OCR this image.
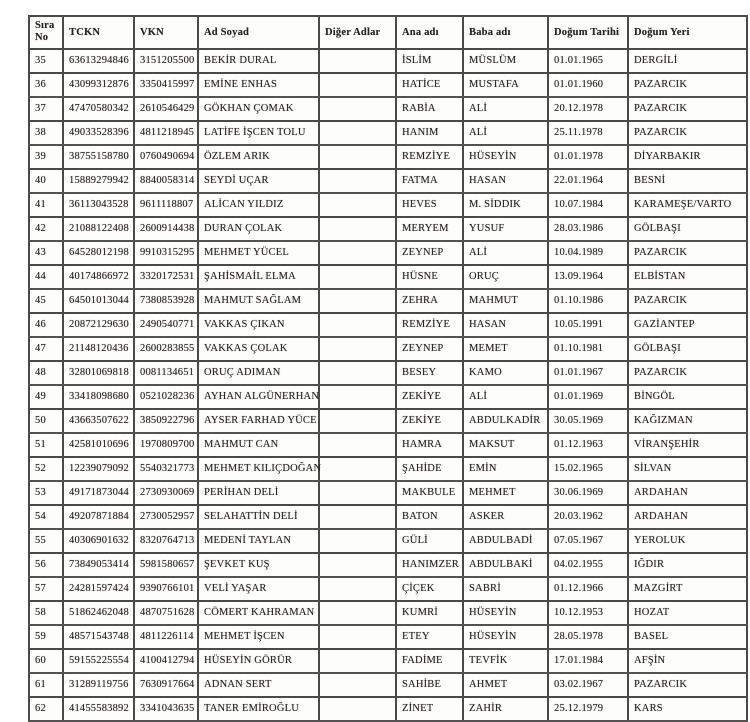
Sıra No	TCKN	VKN	Ad Soyad	Diğer Adlar	Ana adı	Baba adı	Doğum Tarihi	Doğum Yeri
35	63613294846	3151205500	BEKİR DURAL		İSLİM	MÜSLÜM	01.01.1965	DERGİLİ
36	43099312876	3350415997	EMİNE ENHAS		HATİCE	MUSTAFA	01.01.1960	PAZARCIK
37	47470580342	2610546429	GÖKHAN ÇOMAK		RABİA	ALİ	20.12.1978	PAZARCIK
38	49033528396	4811218945	LATİFE İŞCEN TOLU		HANIM	ALİ	25.11.1978	PAZARCIK
39	38755158780	0760490694	ÖZLEM ARIK		REMZİYE	HÜSEYİN	01.01.1978	DİYARBAKIR
40	15889279942	8840058314	SEYDİ UÇAR		FATMA	HASAN	22.01.1964	BESNİ
41	36113043528	9611118807	ALİCAN YILDIZ		HEVES	M. SİDDIK	10.07.1984	KARAMEŞE/VARTO
42	21088122408	2600914438	DURAN ÇOLAK		MERYEM	YUSUF	28.03.1986	GÖLBAŞI
43	64528012198	9910315295	MEHMET YÜCEL		ZEYNEP	ALİ	10.04.1989	PAZARCIK
44	40174866972	3320172531	ŞAHİSMAİL ELMA		HÜSNE	ORUÇ	13.09.1964	ELBİSTAN
45	64501013044	7380853928	MAHMUT SAĞLAM		ZEHRA	MAHMUT	01.10.1986	PAZARCIK
46	20872129630	2490540771	VAKKAS ÇIKAN		REMZİYE	HASAN	10.05.1991	GAZİANTEP
47	21148120436	2600283855	VAKKAS ÇOLAK		ZEYNEP	MEMET	01.10.1981	GÖLBAŞI
48	32801069818	0081134651	ORUÇ ADIMAN		BESEY	KAMO	01.01.1967	PAZARCIK
49	33418098680	0521028236	AYHAN ALGÜNERHAN		ZEKİYE	ALİ	01.01.1969	BİNGÖL
50	43663507622	3850922796	AYSER FARHAD YÜCE		ZEKİYE	ABDULKADİR	30.05.1969	KAĞIZMAN
51	42581010696	1970809700	MAHMUT CAN		HAMRA	MAKSUT	01.12.1963	VİRANŞEHİR
52	12239079092	5540321773	MEHMET KILIÇDOĞAN		ŞAHİDE	EMİN	15.02.1965	SİLVAN
53	49171873044	2730930069	PERİHAN DELİ		MAKBULE	MEHMET	30.06.1969	ARDAHAN
54	49207871884	2730052957	SELAHATTİN DELİ		BATON	ASKER	20.03.1962	ARDAHAN
55	40306901632	8320764713	MEDENİ TAYLAN		GÜLİ	ABDULBADİ	07.05.1967	YEROLUK
56	73849053414	5981580657	ŞEVKET KUŞ		HANIMZER	ABDULBAKİ	04.02.1955	IĞDIR
57	24281597424	9390766101	VELİ YAŞAR		ÇİÇEK	SABRİ	01.12.1966	MAZGİRT
58	51862462048	4870751628	CÖMERT KAHRAMAN		KUMRİ	HÜSEYİN	10.12.1953	HOZAT
59	48571543748	4811226114	MEHMET İŞCEN		ETEY	HÜSEYİN	28.05.1978	BASEL
60	59155225554	4100412794	HÜSEYİN GÖRÜR		FADİME	TEVFİK	17.01.1984	AFŞİN
61	31289119756	7630917664	ADNAN SERT		SAHİBE	AHMET	03.02.1967	PAZARCIK
62	41455583892	3341043635	TANER EMİROĞLU		ZİNET	ZAHİR	25.12.1979	KARS
